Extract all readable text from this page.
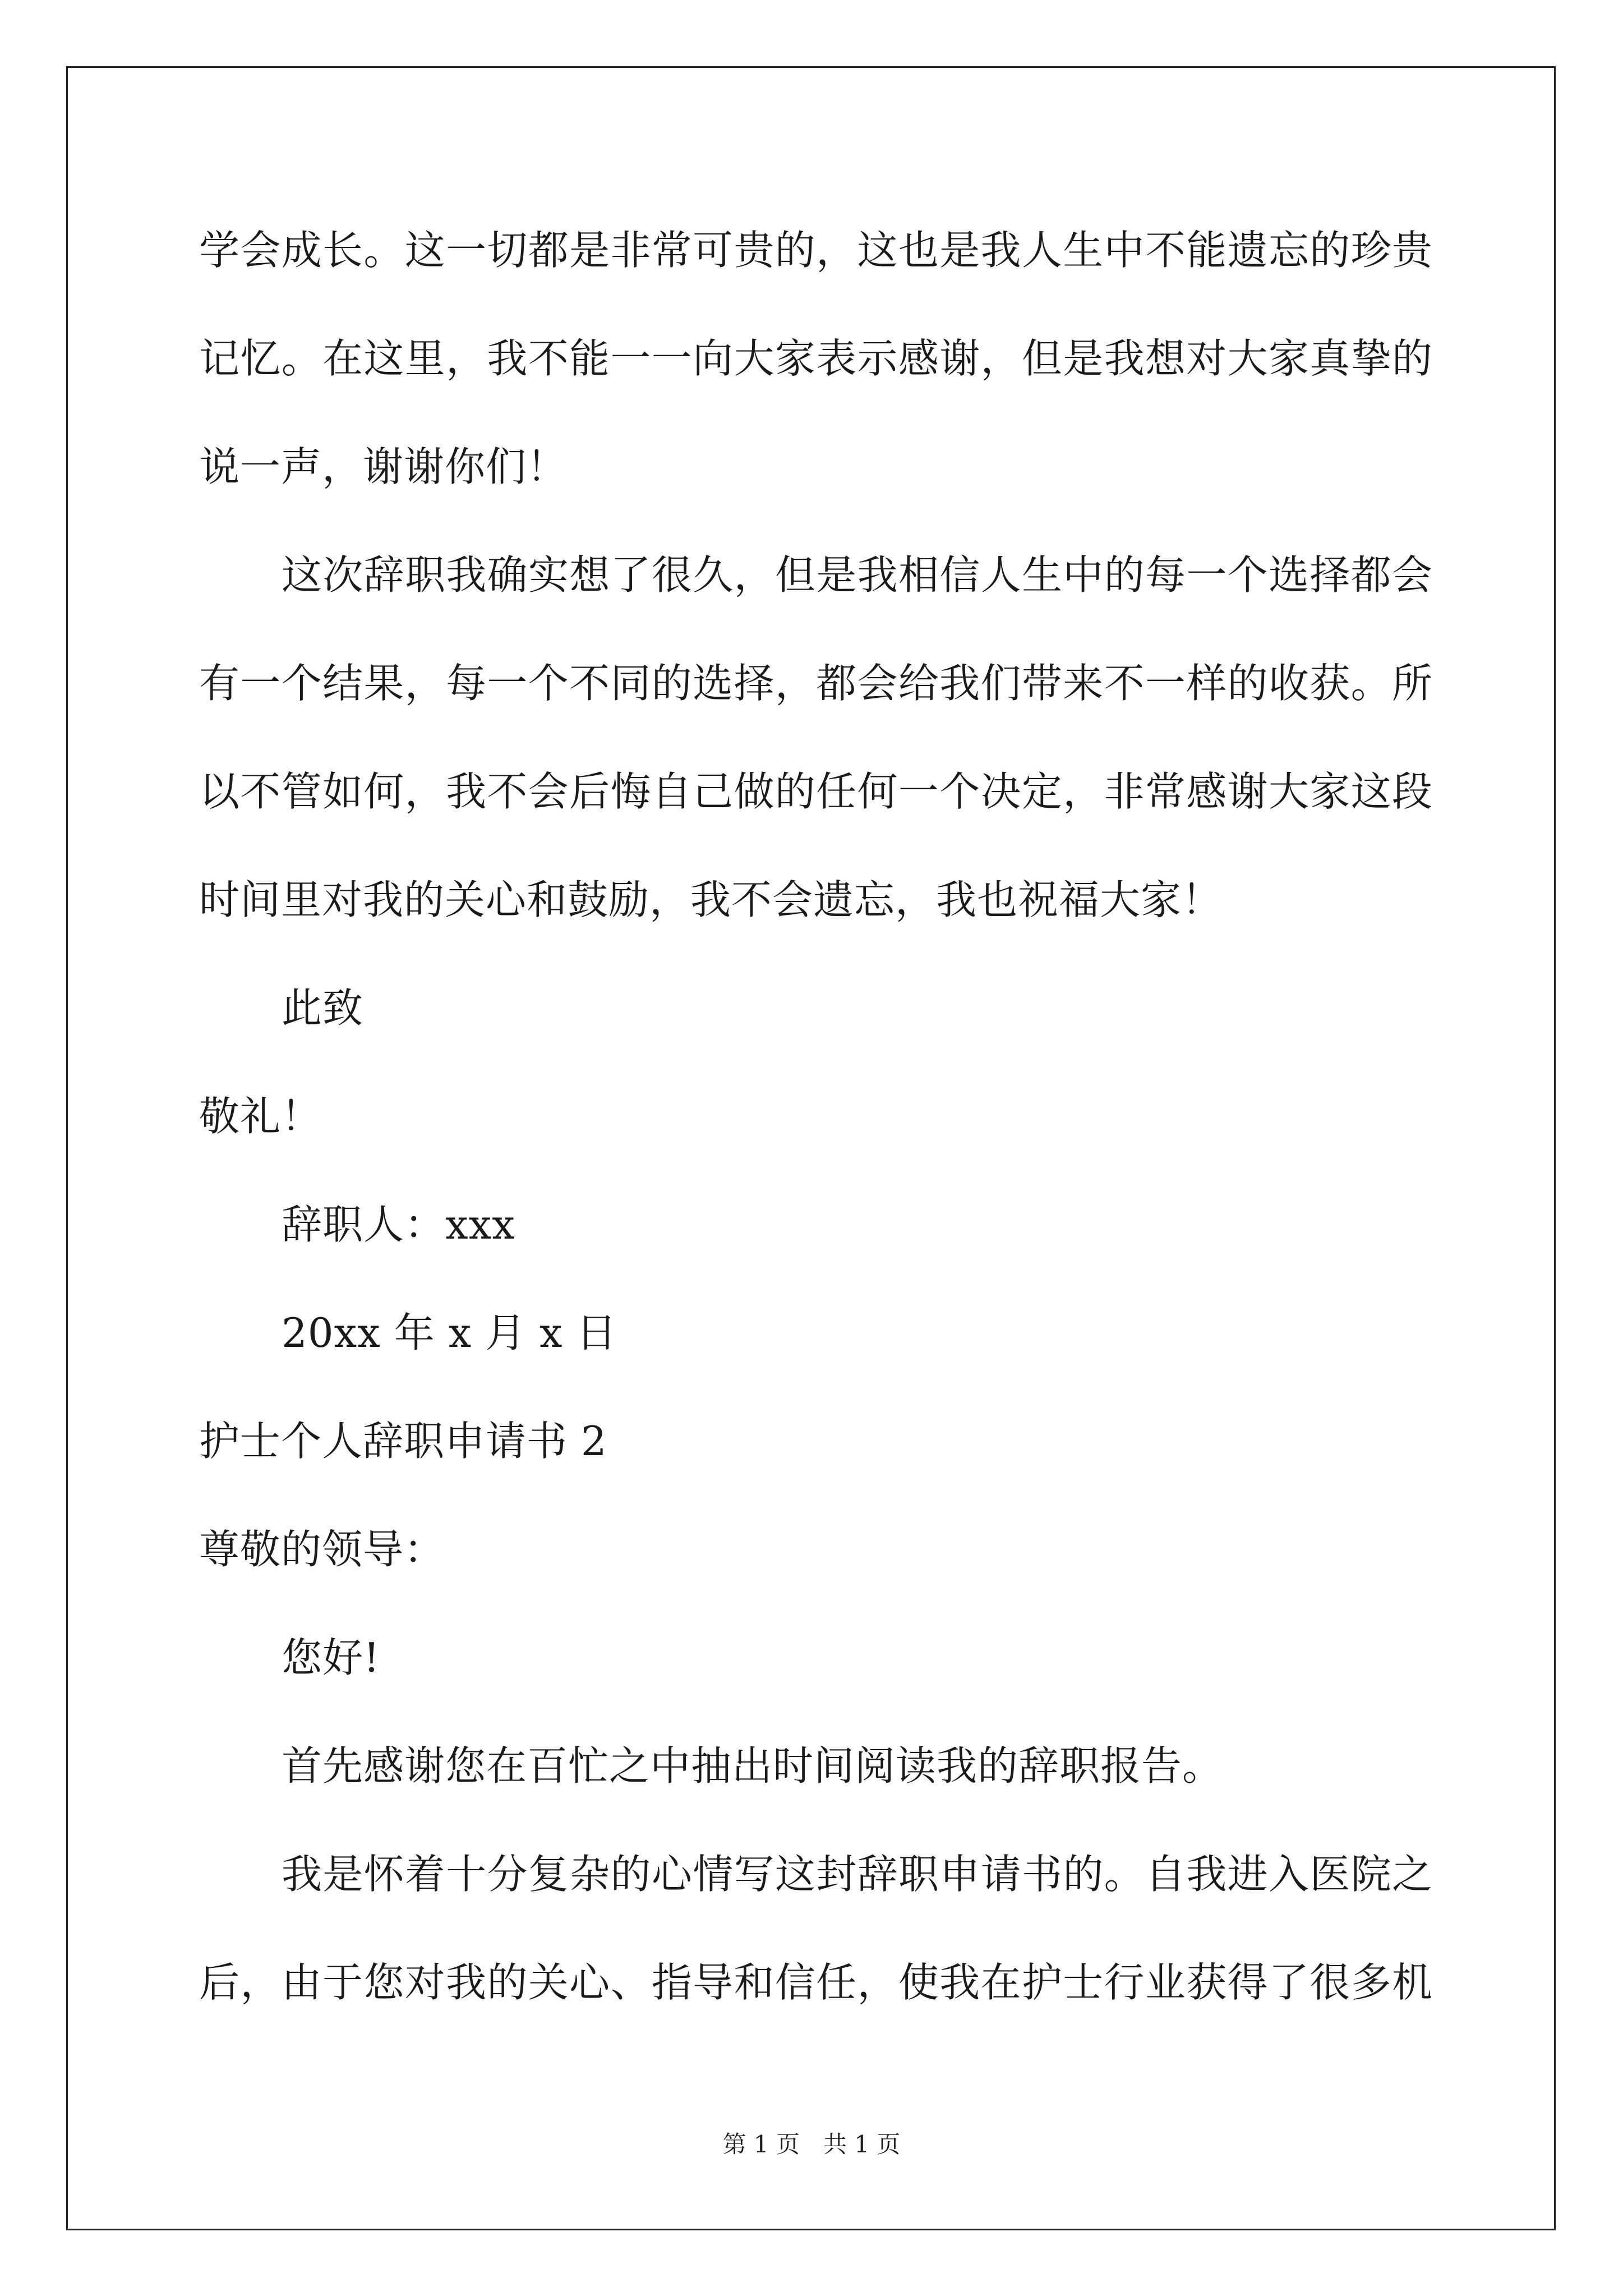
学会成长。这一切都是非常可贵的，这也是我人生中不能遗忘的珍贵
记忆。在这里，我不能一一向大家表示感谢，但是我想对大家真挚的
说一声，谢谢你们！
这次辞职我确实想了很久，但是我相信人生中的每一个选择都会
有一个结果，每一个不同的选择，都会给我们带来不一样的收获。所
以不管如何，我不会后悔自己做的任何一个决定，非常感谢大家这段
时间里对我的关心和鼓励，我不会遗忘，我也祝福大家！
此致
敬礼！
辞职人：xxx
20xx 年 x 月 x 日
护士个人辞职申请书 2
尊敬的领导：
您好!
首先感谢您在百忙之中抽出时间阅读我的辞职报告。
我是怀着十分复杂的心情写这封辞职申请书的。自我进入医院之
后，由于您对我的关心、指导和信任，使我在护士行业获得了很多机
第 1 页　共 1 页
